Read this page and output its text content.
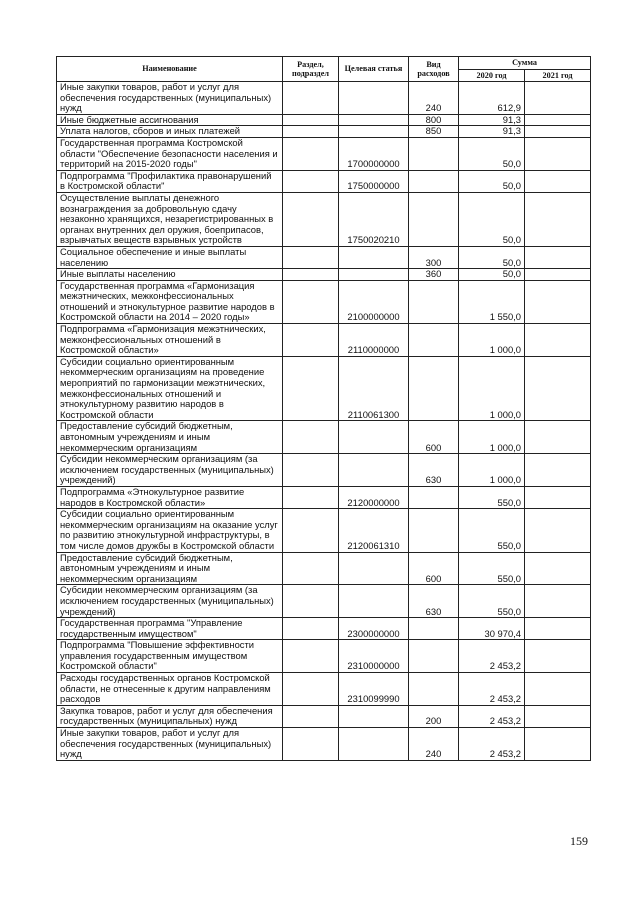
Наименование	Раздел, подраздел	Целевая статья	Вид расходов	Сумма	
				2020 год	2021 год
Иные закупки товаров, работ и услуг для обеспечения государственных (муниципальных) нужд			240	612,9	
Иные бюджетные ассигнования			800	91,3	
Уплата налогов, сборов и иных платежей			850	91,3	
Государственная программа Костромской области "Обеспечение безопасности населения и территорий на 2015-2020 годы"		1700000000		50,0	
Подпрограмма "Профилактика правонарушений в Костромской области"		1750000000		50,0	
Осуществление выплаты денежного вознаграждения за добровольную сдачу незаконно хранящихся, незарегистрированных в органах внутренних дел оружия, боеприпасов, взрывчатых веществ взрывных устройств		1750020210		50,0	
Социальное обеспечение и иные выплаты населению			300	50,0	
Иные выплаты населению			360	50,0	
Государственная программа «Гармонизация межэтнических, межконфессиональных отношений и этнокультурное развитие народов в Костромской области на 2014 – 2020 годы»		2100000000		1 550,0	
Подпрограмма «Гармонизация межэтнических, межконфессиональных отношений в Костромской области»		2110000000		1 000,0	
Субсидии социально ориентированным некоммерческим организациям на проведение мероприятий по гармонизации межэтнических, межконфессиональных отношений и этнокультурному развитию народов в Костромской области		2110061300		1 000,0	
Предоставление субсидий бюджетным, автономным учреждениям и иным некоммерческим организациям			600	1 000,0	
Субсидии некоммерческим организациям (за исключением государственных (муниципальных) учреждений)			630	1 000,0	
Подпрограмма «Этнокультурное развитие народов в Костромской области»		2120000000		550,0	
Субсидии социально ориентированным некоммерческим организациям на оказание услуг по развитию этнокультурной инфраструктуры, в том числе домов дружбы в Костромской области		2120061310		550,0	
Предоставление субсидий бюджетным, автономным учреждениям и иным некоммерческим организациям			600	550,0	
Субсидии некоммерческим организациям (за исключением государственных (муниципальных) учреждений)			630	550,0	
Государственная программа "Управление государственным имуществом"		2300000000		30 970,4	
Подпрограмма "Повышение эффективности управления государственным имуществом Костромской области"		2310000000		2 453,2	
Расходы государственных органов Костромской области, не отнесенные к другим направлениям расходов		2310099990		2 453,2	
Закупка товаров, работ и услуг для обеспечения государственных (муниципальных) нужд			200	2 453,2	
Иные закупки товаров, работ и услуг для обеспечения государственных (муниципальных) нужд			240	2 453,2	
159
